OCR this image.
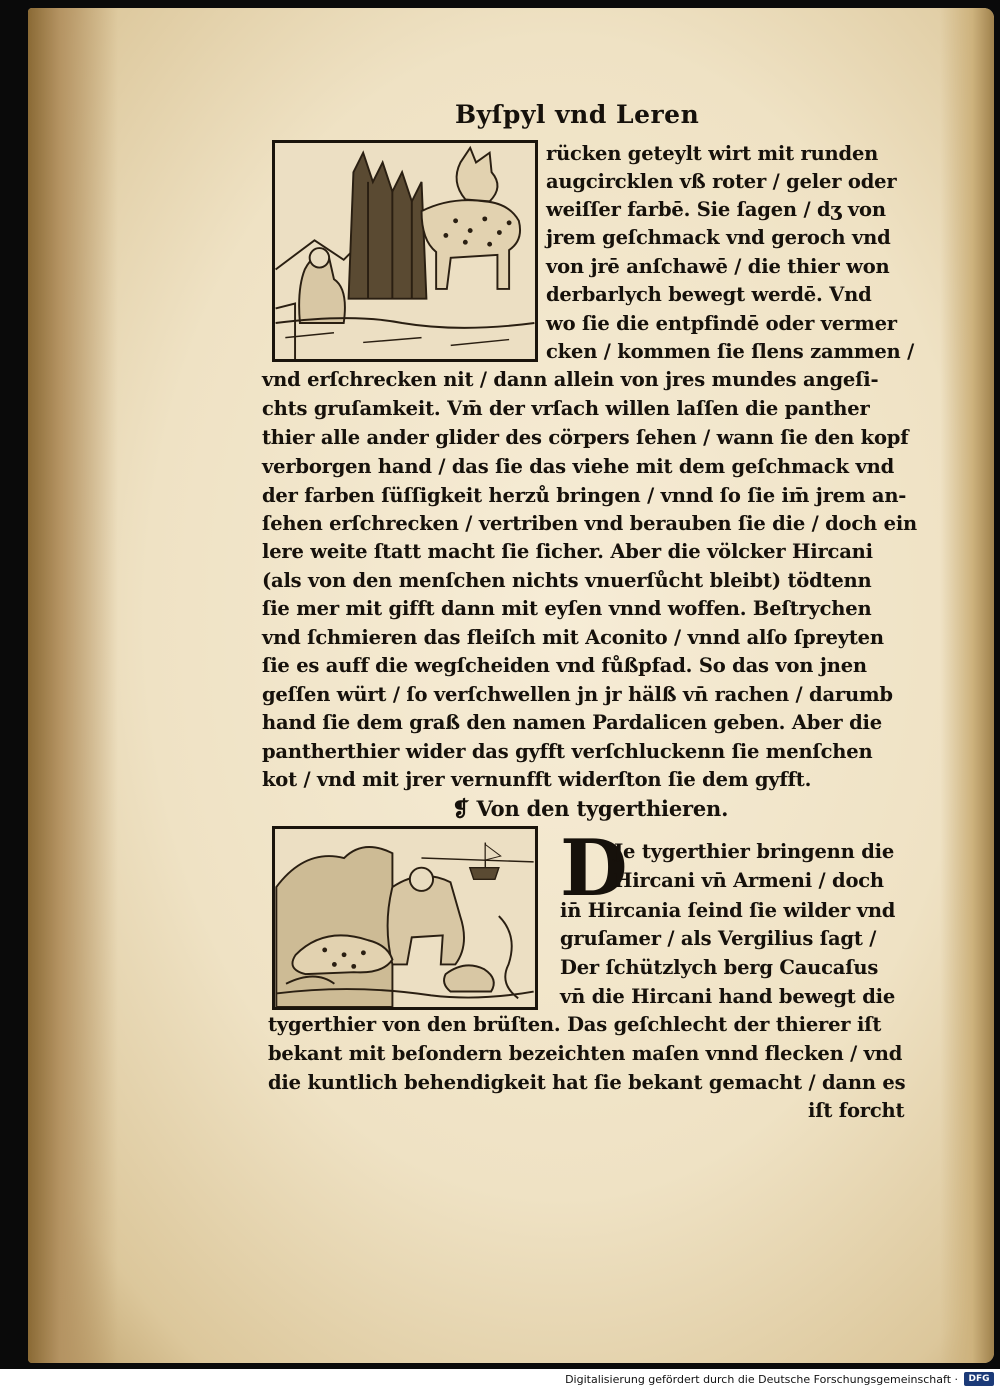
Byſpyl vnd Leren
rücken geteylt wirt mit runden
augcircklen vß roter / geler oder
weiſſer farbē. Sie ſagen / dʒ von
jrem geſchmack vnd geroch vnd
von jrē anſchawē / die thier won
derbarlych bewegt werdē. Vnd
wo ſie die entpfindē oder vermer
cken / kommen ſie ſlens zammen /
vnd erſchrecken nit / dann allein von jres mundes angeſi-
chts gruſamkeit. Vm̄ der vrſach willen laſſen die panther
thier alle ander glider des cörpers ſehen / wann ſie den kopf
verborgen hand / das ſie das viehe mit dem geſchmack vnd
der farben ſüſſigkeit herzů bringen / vnnd ſo ſie im̄ jrem an-
ſehen erſchrecken / vertriben vnd berauben ſie die / doch ein
lere weite ſtatt macht ſie ſicher. Aber die völcker Hircani
(als von den menſchen nichts vnuerſůcht bleibt) tödtenn
ſie mer mit gifft dann mit eyſen vnnd woffen. Beſtrychen
vnd ſchmieren das fleiſch mit Aconito / vnnd alſo ſpreyten
ſie es auff die wegſcheiden vnd fůßpfad. So das von jnen
geſſen würt / ſo verſchwellen jn jr hälß vn̄ rachen / darumb
hand ſie dem graß den namen Pardalicen geben. Aber die
pantherthier wider das gyfft verſchluckenn ſie menſchen
kot / vnd mit jrer vernunfft widerſton ſie dem gyfft.
❡ Von den tygerthieren.
D
Je tygerthier bringenn die
Hircani vn̄ Armeni / doch
in̄ Hircania ſeind ſie wilder vnd
gruſamer / als Vergilius ſagt /
Der ſchützlych berg Caucaſus
vn̄ die Hircani hand bewegt die
tygerthier von den brüſten. Das geſchlecht der thierer iſt
bekant mit beſondern bezeichten maſen vnnd flecken / vnd
die kuntlich behendigkeit hat ſie bekant gemacht / dann es
iſt forcht
Digitalisierung gefördert durch die Deutsche Forschungsgemeinschaft ·	DFG
